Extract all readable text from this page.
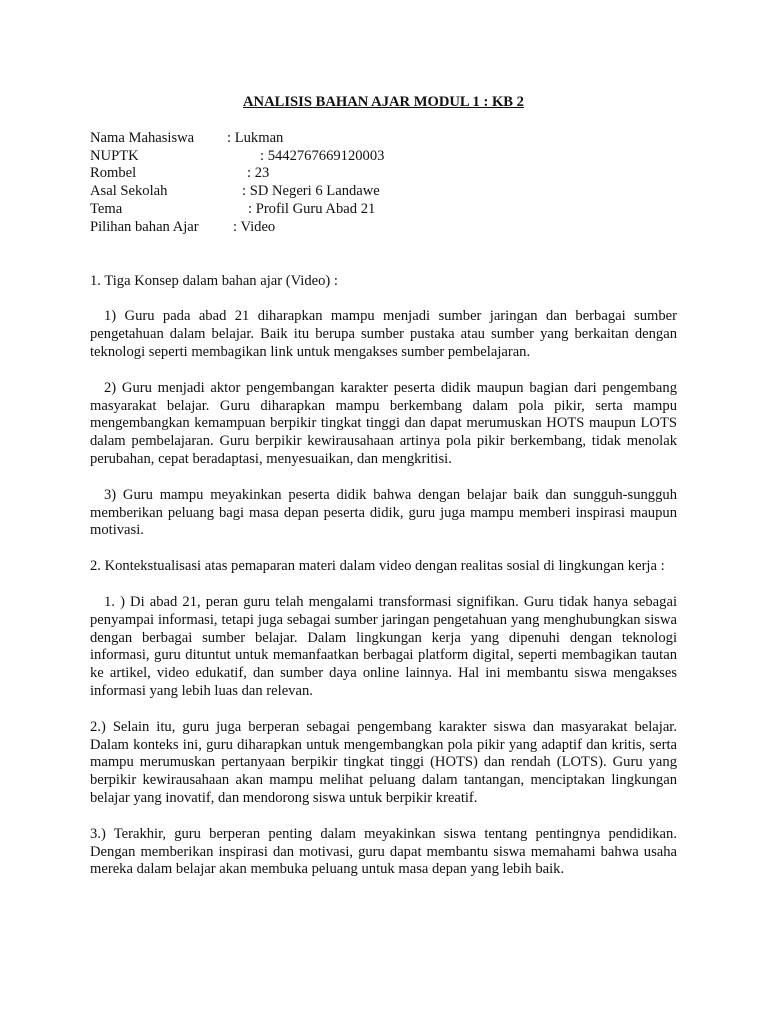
ANALISIS BAHAN AJAR MODUL 1 : KB 2
Nama Mahasiswa : Lukman
NUPTK	: 5442767669120003
Rombel	: 23
Asal Sekolah	: SD Negeri 6 Landawe
Tema	: Profil Guru Abad 21
Pilihan bahan Ajar : Video
1. Tiga Konsep dalam bahan ajar (Video) :

1) Guru pada abad 21 diharapkan mampu menjadi sumber jaringan dan berbagai sumber pengetahuan dalam belajar. Baik itu berupa sumber pustaka atau sumber yang berkaitan dengan teknologi seperti membagikan link untuk mengakses sumber pembelajaran.

2) Guru menjadi aktor pengembangan karakter peserta didik maupun bagian dari pengembang masyarakat belajar. Guru diharapkan mampu berkembang dalam pola pikir, serta mampu mengembangkan kemampuan berpikir tingkat tinggi dan dapat merumuskan HOTS maupun LOTS dalam pembelajaran. Guru berpikir kewirausahaan artinya pola pikir berkembang, tidak menolak perubahan, cepat beradaptasi, menyesuaikan, dan mengkritisi.

3) Guru mampu meyakinkan peserta didik bahwa dengan belajar baik dan sungguh-sungguh memberikan peluang bagi masa depan peserta didik, guru juga mampu memberi inspirasi maupun motivasi.

2. Kontekstualisasi atas pemaparan materi dalam video dengan realitas sosial di lingkungan kerja :

1. ) Di abad 21, peran guru telah mengalami transformasi signifikan. Guru tidak hanya sebagai penyampai informasi, tetapi juga sebagai sumber jaringan pengetahuan yang menghubungkan siswa dengan berbagai sumber belajar. Dalam lingkungan kerja yang dipenuhi dengan teknologi informasi, guru dituntut untuk memanfaatkan berbagai platform digital, seperti membagikan tautan ke artikel, video edukatif, dan sumber daya online lainnya. Hal ini membantu siswa mengakses informasi yang lebih luas dan relevan.

2.) Selain itu, guru juga berperan sebagai pengembang karakter siswa dan masyarakat belajar. Dalam konteks ini, guru diharapkan untuk mengembangkan pola pikir yang adaptif dan kritis, serta mampu merumuskan pertanyaan berpikir tingkat tinggi (HOTS) dan rendah (LOTS). Guru yang berpikir kewirausahaan akan mampu melihat peluang dalam tantangan, menciptakan lingkungan belajar yang inovatif, dan mendorong siswa untuk berpikir kreatif.

3.) Terakhir, guru berperan penting dalam meyakinkan siswa tentang pentingnya pendidikan. Dengan memberikan inspirasi dan motivasi, guru dapat membantu siswa memahami bahwa usaha mereka dalam belajar akan membuka peluang untuk masa depan yang lebih baik.
